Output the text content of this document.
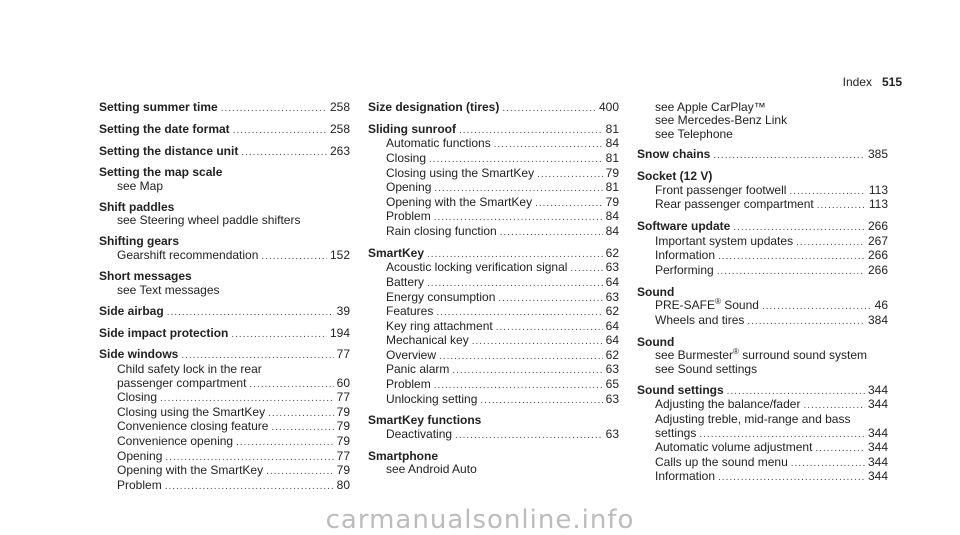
Index 515
Setting summer time .....	258
Setting the date format .....	258
Setting the distance unit .....	263
Setting the map scale
see Map
Shift paddles
see Steering wheel paddle shifters
Shifting gears
Gearshift recommendation .....	152
Short messages
see Text messages
Side airbag .....	39
Side impact protection .....	194
Side windows .....	77
Child safety lock in the rear
passenger compartment .....	60
Closing .....	77
Closing using the SmartKey .....	79
Convenience closing feature .....	79
Convenience opening .....	79
Opening .....	77
Opening with the SmartKey .....	79
Problem .....	80
Size designation (tires) .....	400
Sliding sunroof .....	81
Automatic functions .....	84
Closing .....	81
Closing using the SmartKey .....	79
Opening .....	81
Opening with the SmartKey .....	79
Problem .....	84
Rain closing function .....	84
SmartKey .....	62
Acoustic locking verification signal .....	63
Battery .....	64
Energy consumption .....	63
Features .....	62
Key ring attachment .....	64
Mechanical key .....	64
Overview .....	62
Panic alarm .....	63
Problem .....	65
Unlocking setting .....	63
SmartKey functions
Deactivating .....	63
Smartphone
see Android Auto
see Apple CarPlay™
see Mercedes-Benz Link
see Telephone
Snow chains .....	385
Socket (12 V)
Front passenger footwell .....	113
Rear passenger compartment .....	113
Software update .....	266
Important system updates .....	267
Information .....	266
Performing .....	266
Sound
PRE-SAFE® Sound .....	46
Wheels and tires .....	384
Sound
see Burmester® surround sound system
see Sound settings
Sound settings .....	344
Adjusting the balance/fader .....	344
Adjusting treble, mid-range and bass
settings .....	344
Automatic volume adjustment .....	344
Calls up the sound menu .....	344
Information .....	344
carmanualsonline.info
